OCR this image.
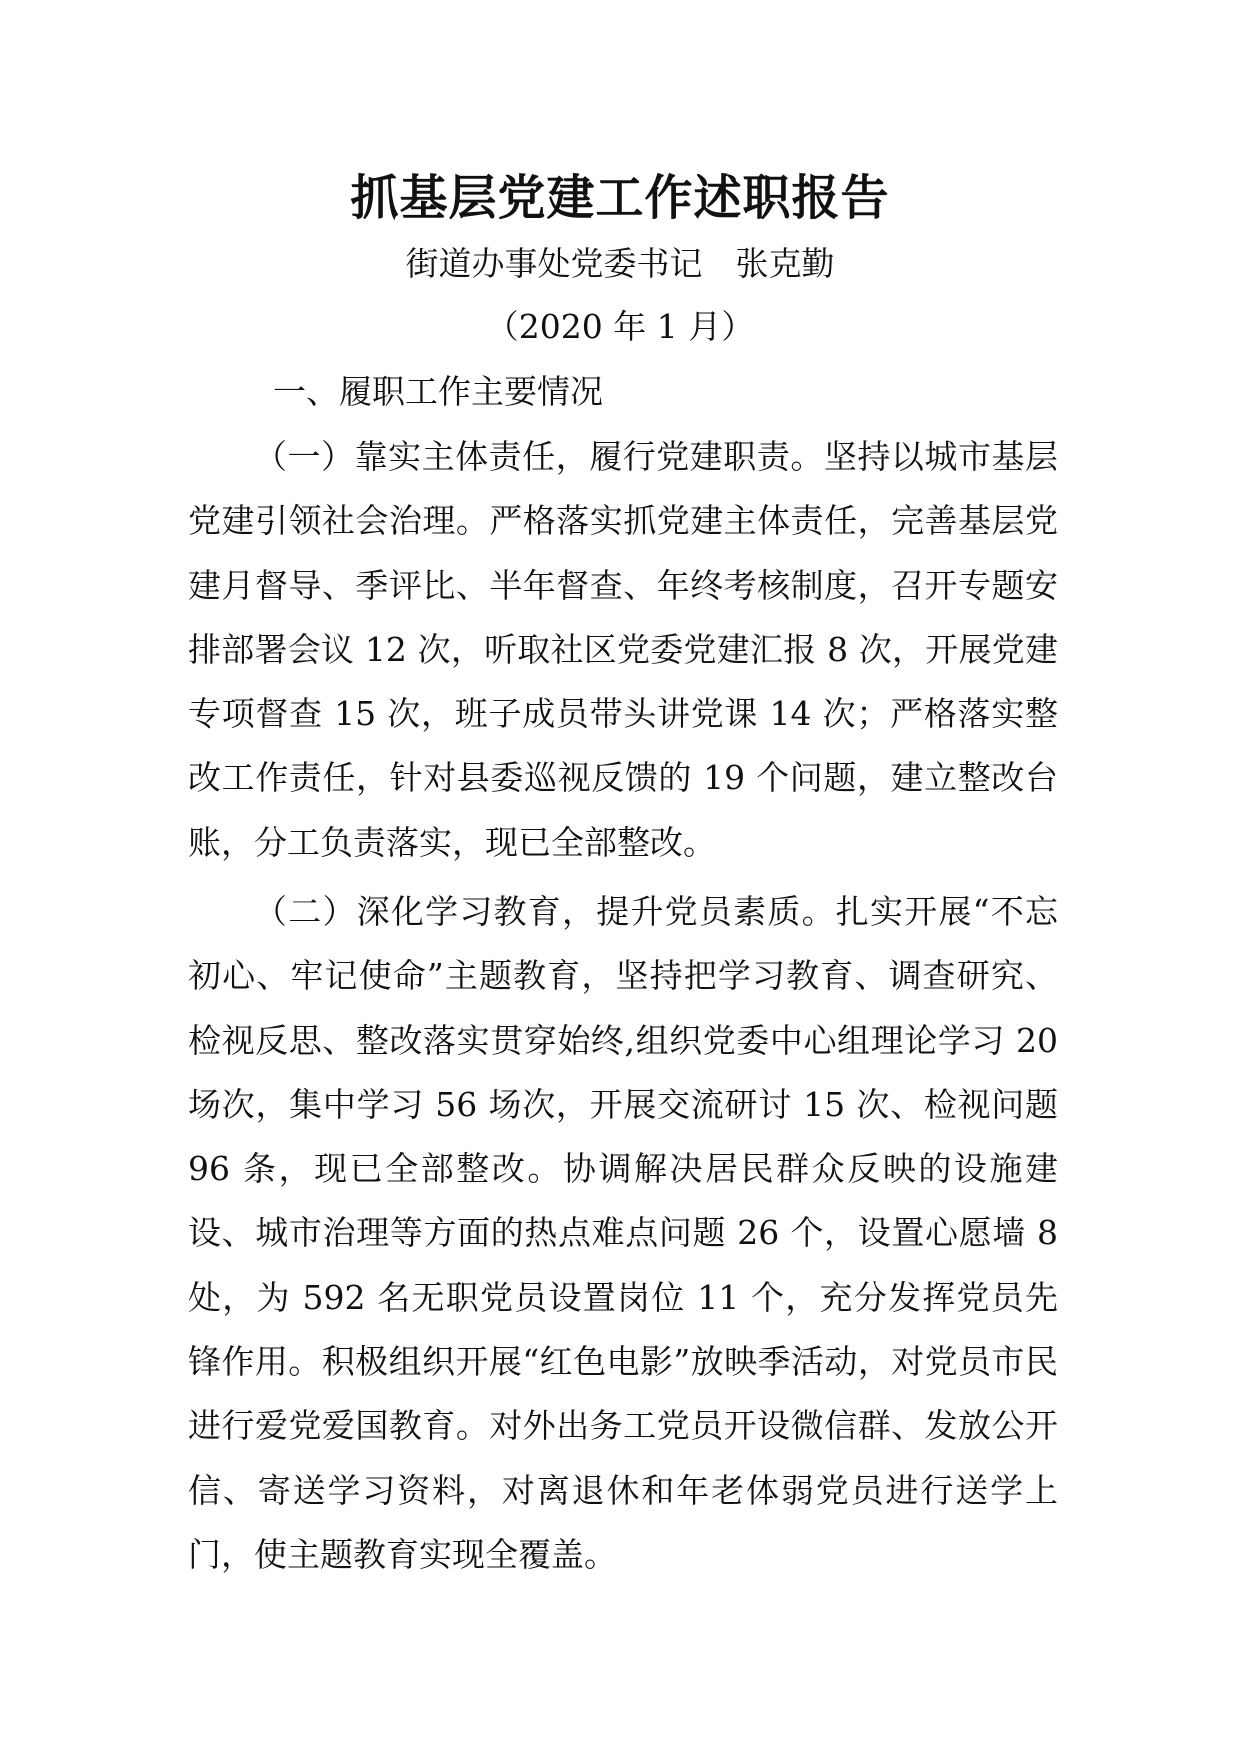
抓基层党建工作述职报告
街道办事处党委书记　张克勤
（2020 年 1 月）
一、履职工作主要情况

（一）靠实主体责任，履行党建职责。坚持以城市基层党建引领社会治理。严格落实抓党建主体责任，完善基层党建月督导、季评比、半年督查、年终考核制度，召开专题安排部署会议 12 次，听取社区党委党建汇报 8 次，开展党建专项督查 15 次，班子成员带头讲党课 14 次；严格落实整改工作责任，针对县委巡视反馈的 19 个问题，建立整改台账，分工负责落实，现已全部整改。

（二）深化学习教育，提升党员素质。扎实开展“不忘初心、牢记使命”主题教育，坚持把学习教育、调查研究、检视反思、整改落实贯穿始终,组织党委中心组理论学习 20 场次，集中学习 56 场次，开展交流研讨 15 次、检视问题 96 条，现已全部整改。协调解决居民群众反映的设施建设、城市治理等方面的热点难点问题 26 个，设置心愿墙 8 处，为 592 名无职党员设置岗位 11 个，充分发挥党员先锋作用。积极组织开展“红色电影”放映季活动，对党员市民进行爱党爱国教育。对外出务工党员开设微信群、发放公开信、寄送学习资料，对离退休和年老体弱党员进行送学上门，使主题教育实现全覆盖。
